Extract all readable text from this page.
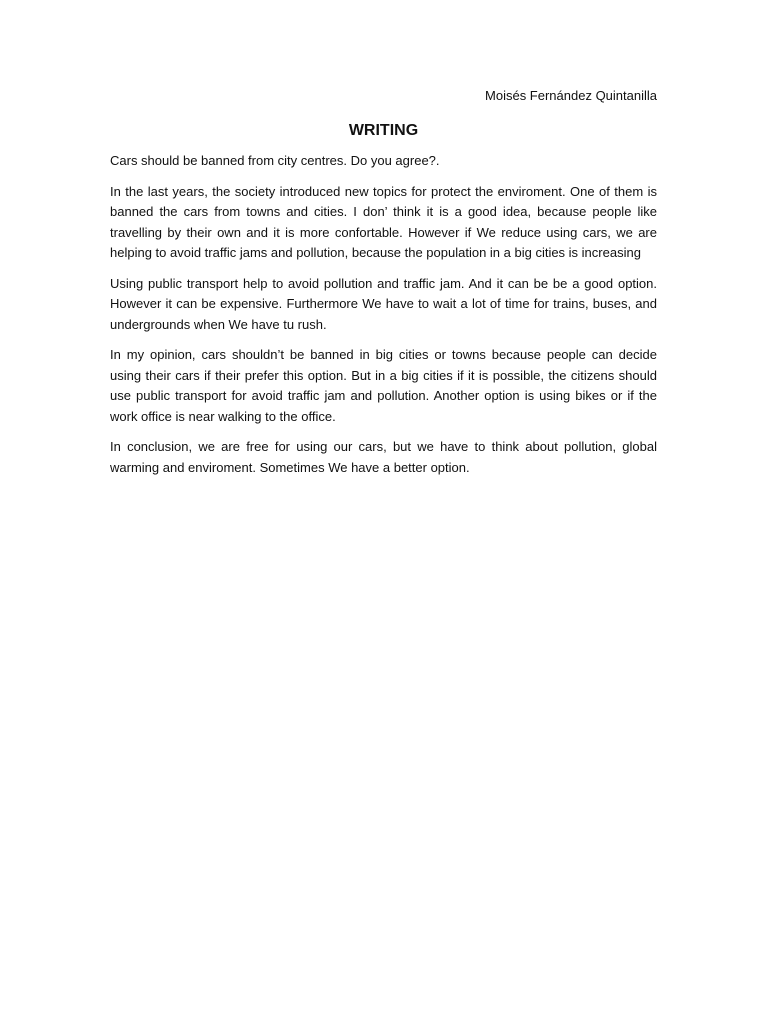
Moisés Fernández Quintanilla

WRITING

Cars should be banned from city centres. Do you agree?.

In the last years, the society introduced new topics for protect the enviroment. One of them is banned the cars from towns and cities. I don’ think it is a good idea, because people like travelling by their own and it is more confortable. However if We reduce using cars, we are helping to avoid traffic jams and pollution, because the population in a big cities is increasing

Using public transport help to avoid pollution and traffic jam. And it can be be a good option. However it can be expensive. Furthermore We have to wait a lot of time for trains, buses, and undergrounds when We have tu rush.

In my opinion, cars shouldn’t be banned in big cities or towns because people can decide using their cars if their prefer this option. But in a big cities if it is possible, the citizens should use public transport for avoid traffic jam and pollution. Another option is using bikes or if the work office is near walking to the office.

In conclusion, we are free for using our cars, but we have to think about pollution, global warming and enviroment. Sometimes We have a better option.
